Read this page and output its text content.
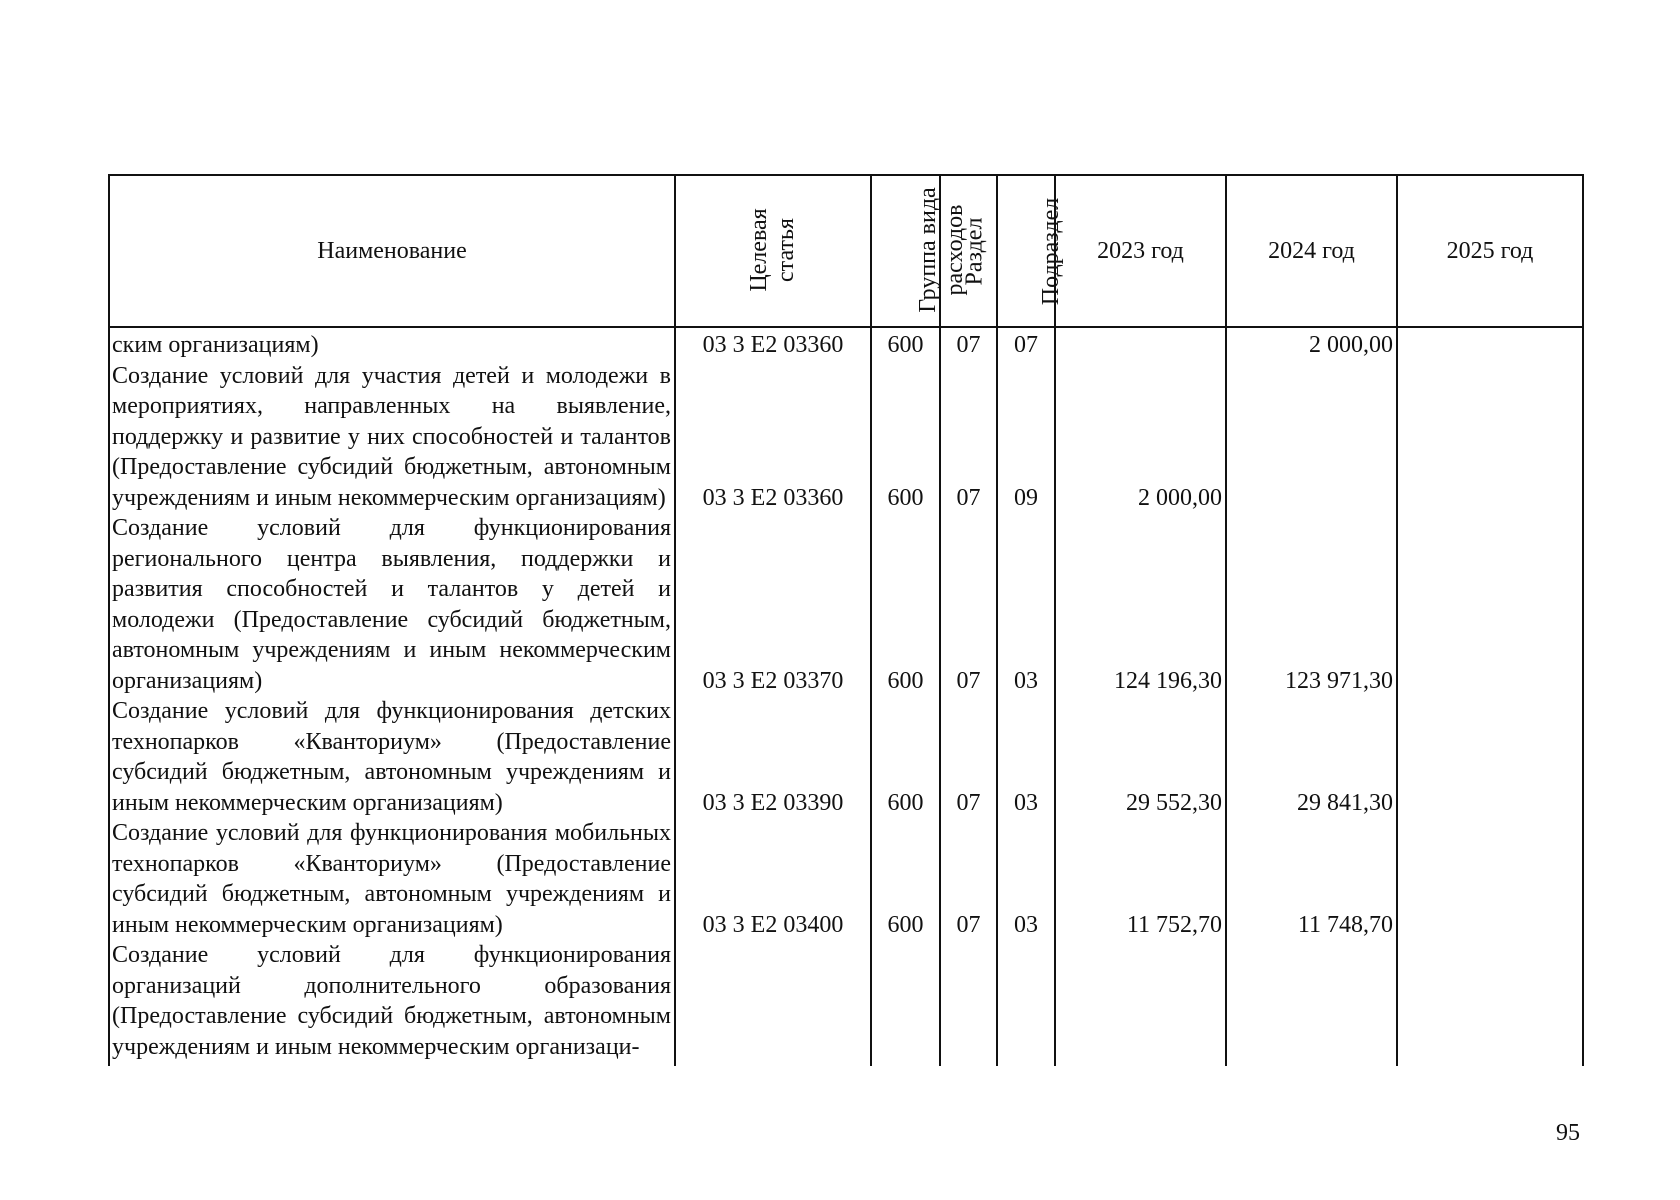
Наименование	Целевая статья	Группа вида расходов	Раздел	Подраздел	2023 год	2024 год	2025 год
ским организациям)	03 3 Е2 03360	600	07	07		2 000,00	
Создание условий для участия детей и молодежи в мероприятиях, направленных на выявление, поддержку и развитие у них способностей и талантов (Предоставление субсидий бюджетным, автономным учреждениям и иным некоммерческим организациям)	03 3 Е2 03360	600	07	09	2 000,00		
Создание условий для функционирования регионального центра выявления, поддержки и развития способностей и талантов у детей и молодежи (Предоставление субсидий бюджетным, автономным учреждениям и иным некоммерческим организациям)	03 3 Е2 03370	600	07	03	124 196,30	123 971,30	
Создание условий для функционирования детских технопарков «Кванториум» (Предоставление субсидий бюджетным, автономным учреждениям и иным некоммерческим организациям)	03 3 Е2 03390	600	07	03	29 552,30	29 841,30	
Создание условий для функционирования мобильных технопарков «Кванториум» (Предоставление субсидий бюджетным, автономным учреждениям и иным некоммерческим организациям)	03 3 Е2 03400	600	07	03	11 752,70	11 748,70	
Создание условий для функционирования организаций дополнительного образования (Предоставление субсидий бюджетным, автономным учреждениям и иным некоммерческим организаци-							
95
